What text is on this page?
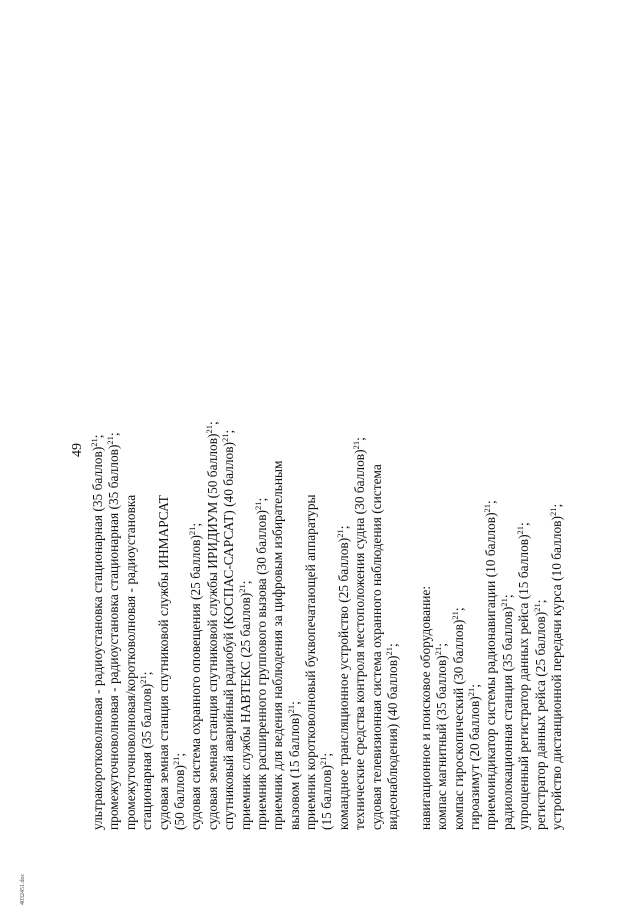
49 ультракоротковолновая - радиоустановка стационарная (35 баллов)$^{21}$;
промежуточноволновая - радиоустановка стационарная (35 баллов)$^{21}$;
промежуточноволновая/коротковолновая - радиоустановка стационарная (35 баллов)$^{21}$; судовая земная станция спутниковой службы ИНМАРСАТ (50 баллов)$^{21}$; судовая система охранного оповещения (25 баллов)$^{21}$; судовая земная станция спутниковой службы ИРИДИУМ (50 баллов)$^{21}$;
спутниковый аварийный радиобуй (КОСПАС-САРСАТ) (40 баллов)$^{21}$;
приемник службы НАВТЕКС (25 баллов)$^{21}$; приемник расширенного группового вызова (30 баллов)$^{21}$; приемник для ведения наблюдения за цифровым избирательным вызовом (15 баллов)$^{21}$; приемник коротковолновый буквопечатающей аппаратуры (15 баллов)$^{21}$; командное трансляционное устройство (25 баллов)$^{21}$; технические средства контроля местоположения судна (30 баллов)$^{21}$;
судовая телевизионная система охранного наблюдения (система видеонаблюдения) (40 баллов)$^{21}$; навигационное и поисковое оборудование: компас магнитный (35 баллов)$^{21}$; компас гироскопический (30 баллов)$^{21}$;
гироазимут (20 баллов)$^{21}$; приемоиндикатор системы радионавигации (10 баллов)$^{21}$;
радиолокационная станция (35 баллов)$^{21}$; упрощенный регистратор данных рейса (15 баллов)$^{21}$;
регистратор данных рейса (25 баллов)$^{21}$; устройство дистанционной передачи курса (10 баллов)$^{21}$;
4032451.doc
